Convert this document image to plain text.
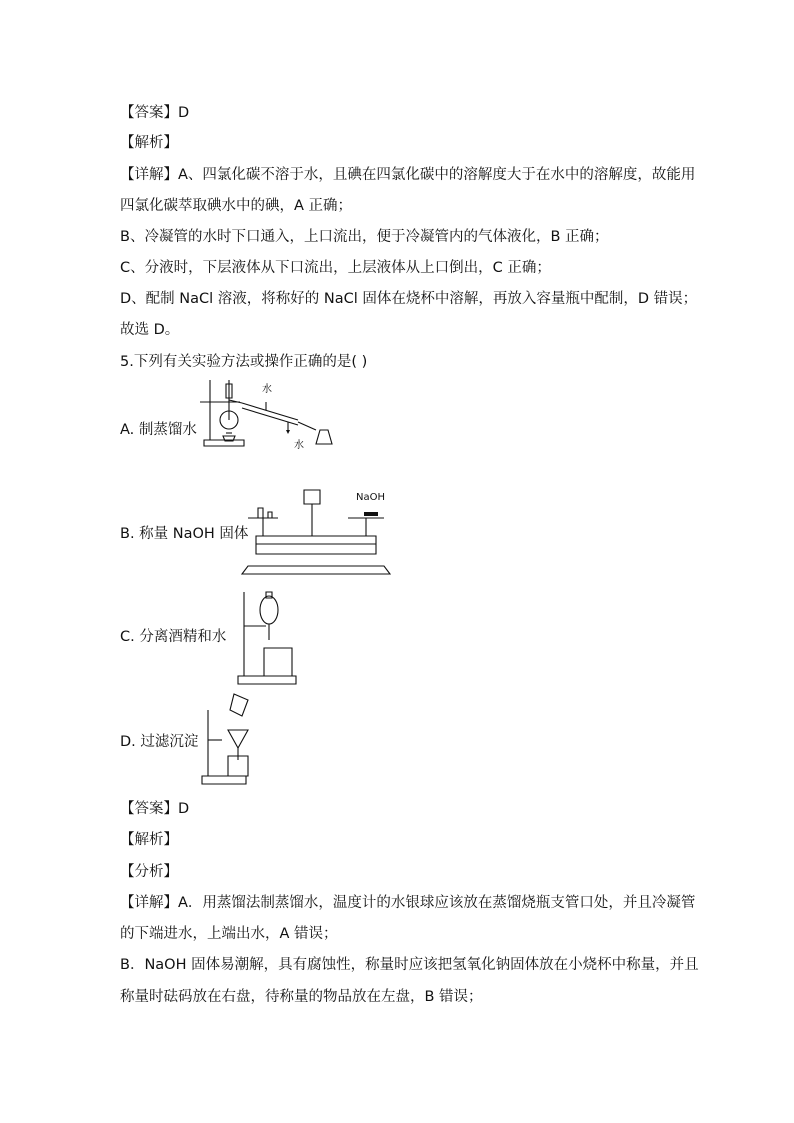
【答案】D
【解析】
【详解】A、四氯化碳不溶于水，且碘在四氯化碳中的溶解度大于在水中的溶解度，故能用
四氯化碳萃取碘水中的碘，A 正确；
B、冷凝管的水时下口通入，上口流出，便于冷凝管内的气体液化，B 正确；
C、分液时，下层液体从下口流出，上层液体从上口倒出，C 正确；
D、配制 NaCl 溶液，将称好的 NaCl 固体在烧杯中溶解，再放入容量瓶中配制，D 错误；
故选 D。
5.下列有关实验方法或操作正确的是( )
A. 制蒸馏水
B. 称量 NaOH 固体
C. 分离酒精和水
D. 过滤沉淀
水
水
NaOH
【答案】D
【解析】
【分析】
【详解】A．用蒸馏法制蒸馏水，温度计的水银球应该放在蒸馏烧瓶支管口处，并且冷凝管
的下端进水，上端出水，A 错误；
B．NaOH 固体易潮解，具有腐蚀性，称量时应该把氢氧化钠固体放在小烧杯中称量，并且
称量时砝码放在右盘，待称量的物品放在左盘，B 错误；
